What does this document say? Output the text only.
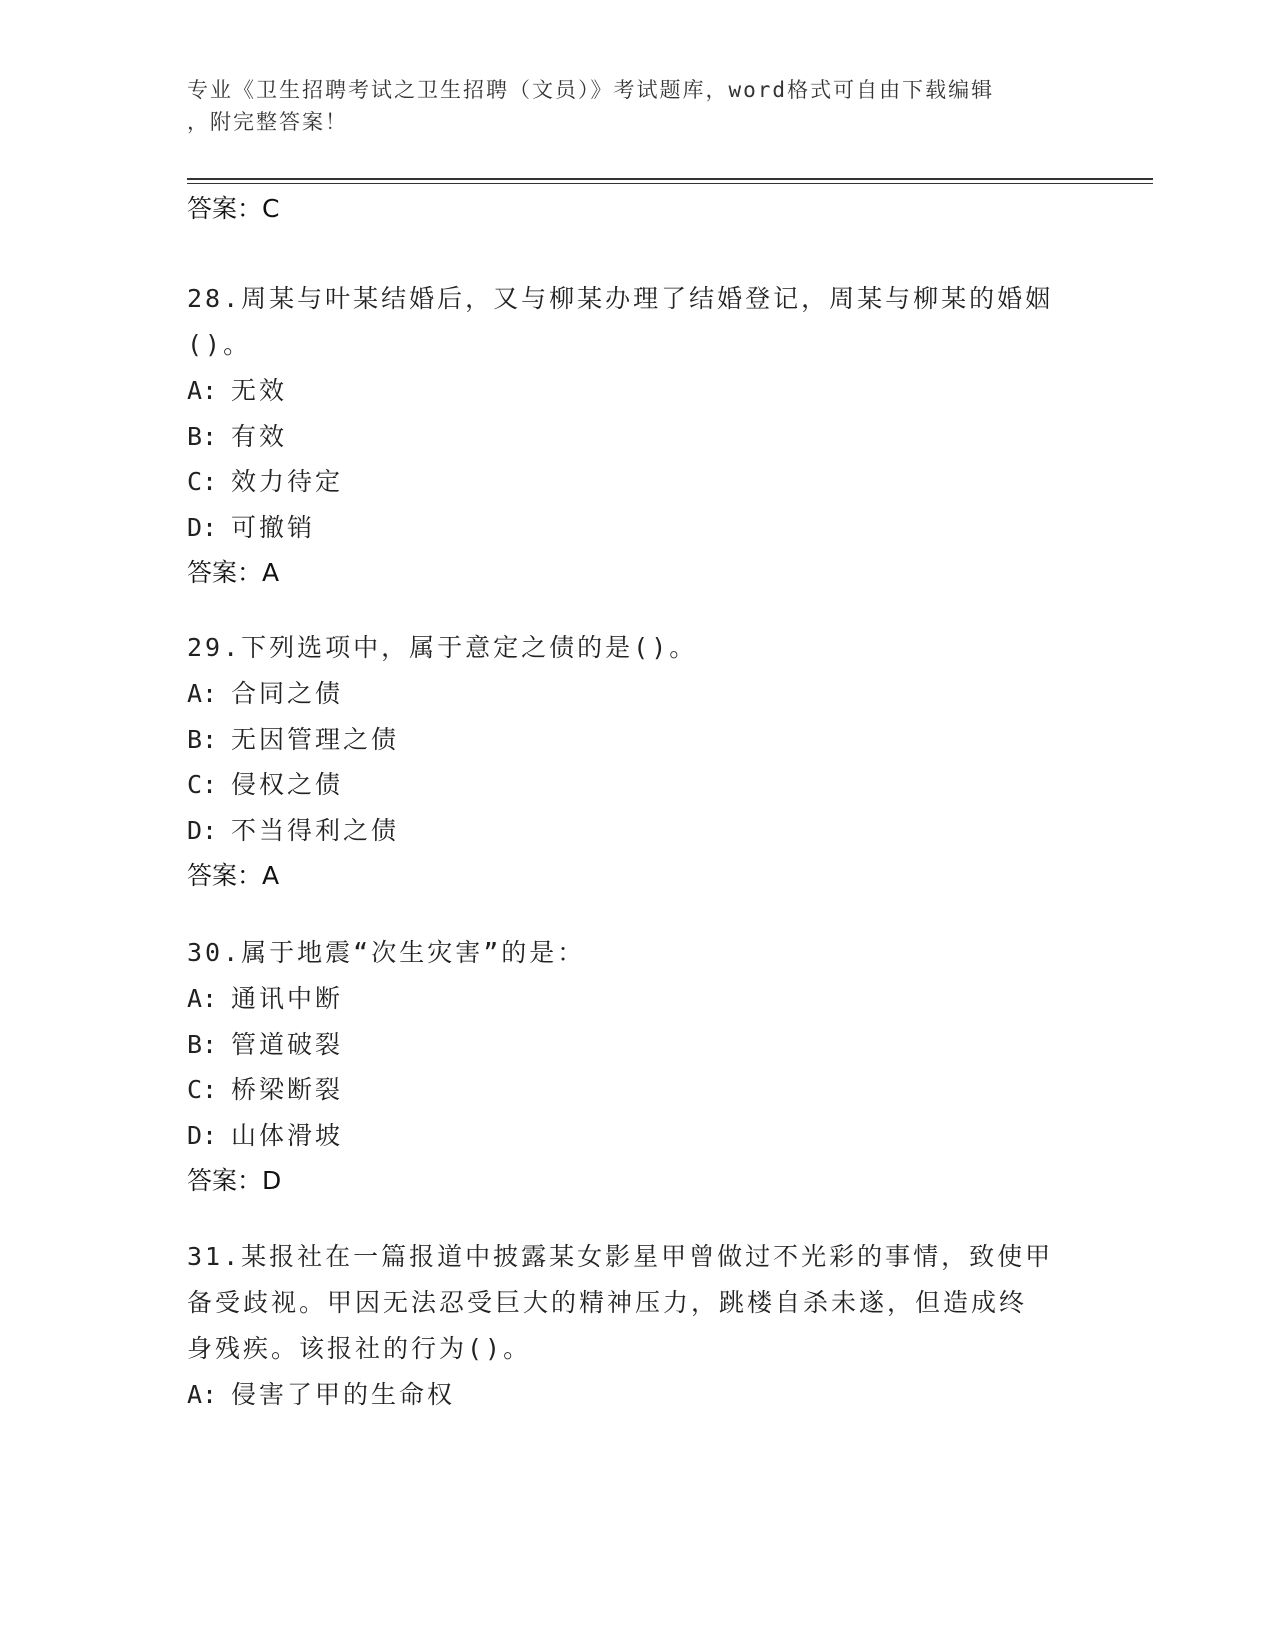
专业《卫生招聘考试之卫生招聘（文员）》考试题库，word格式可自由下载编辑
，附完整答案！
答案：C
28.周某与叶某结婚后，又与柳某办理了结婚登记，周某与柳某的婚姻
()。
A: 无效
B: 有效
C: 效力待定
D: 可撤销
答案：A
29.下列选项中，属于意定之债的是()。
A: 合同之债
B: 无因管理之债
C: 侵权之债
D: 不当得利之债
答案：A
30.属于地震“次生灾害”的是：
A: 通讯中断
B: 管道破裂
C: 桥梁断裂
D: 山体滑坡
答案：D
31.某报社在一篇报道中披露某女影星甲曾做过不光彩的事情，致使甲
备受歧视。甲因无法忍受巨大的精神压力，跳楼自杀未遂，但造成终
身残疾。该报社的行为()。
A: 侵害了甲的生命权
